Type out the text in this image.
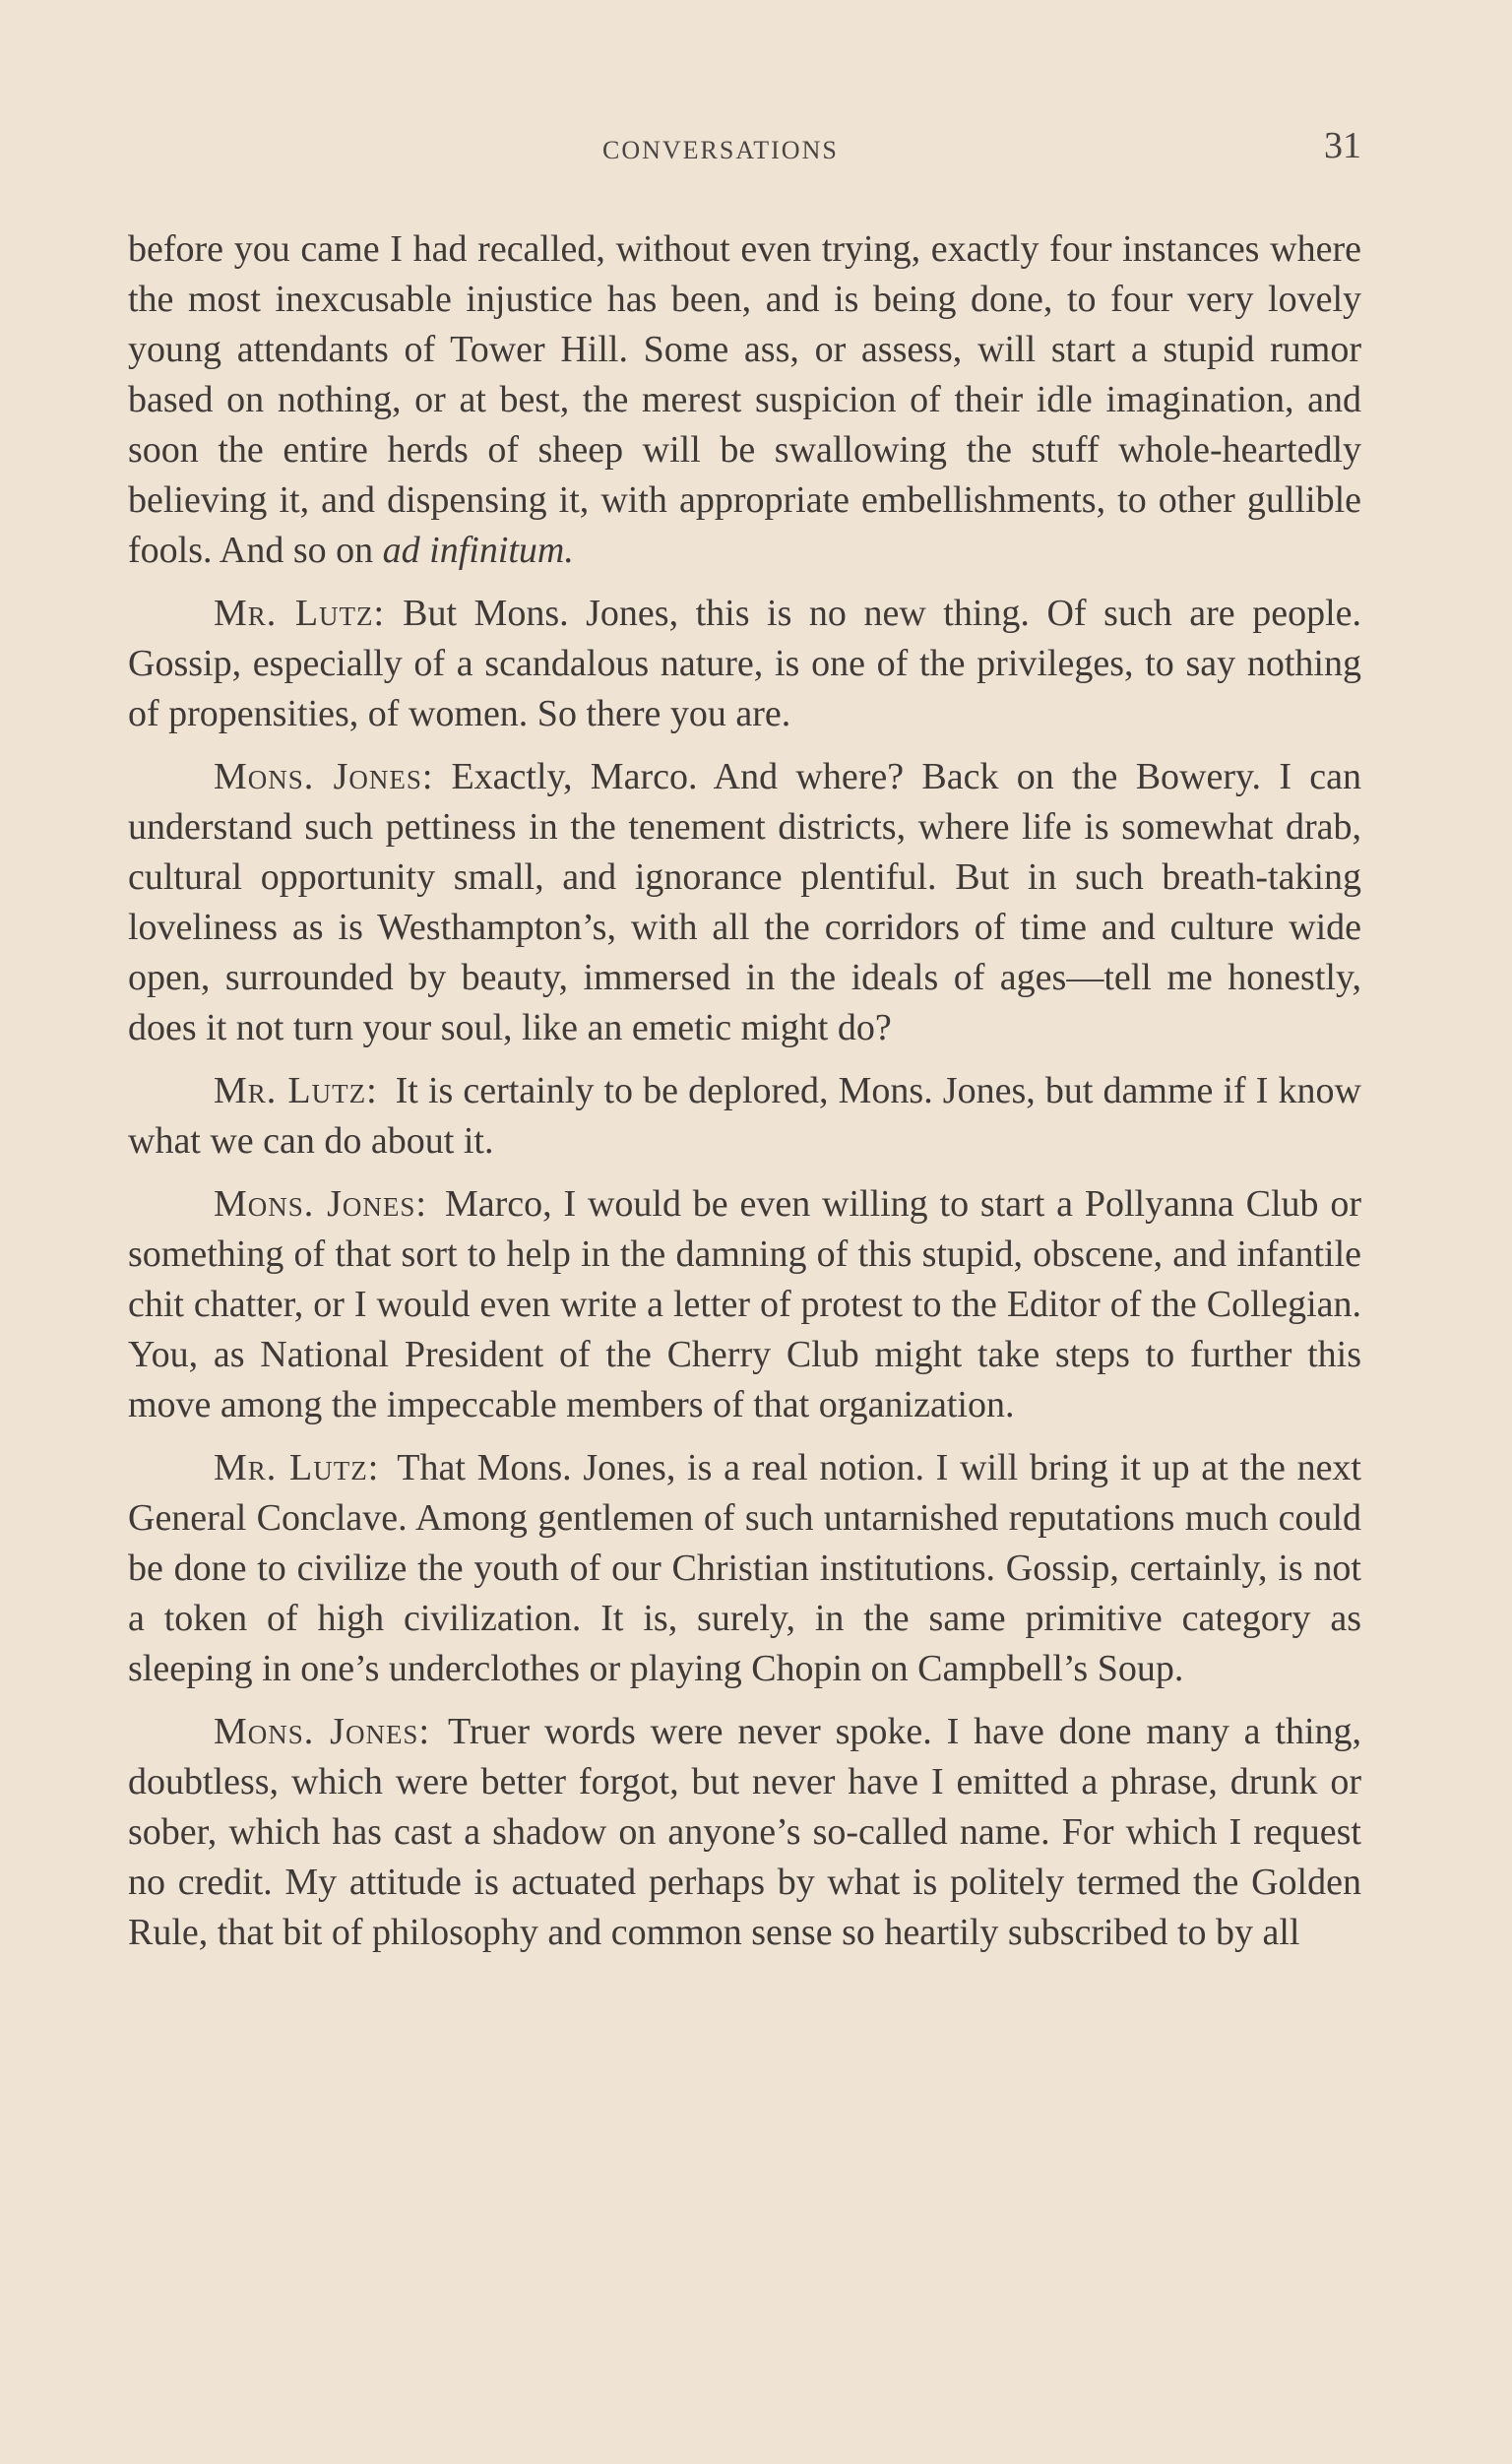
CONVERSATIONS	31

before you came I had recalled, without even trying, exactly four instances where the most inexcusable injustice has been, and is being done, to four very lovely young attendants of Tower Hill. Some ass, or assess, will start a stupid rumor based on nothing, or at best, the merest suspicion of their idle imagination, and soon the entire herds of sheep will be swallowing the stuff whole-heartedly believing it, and dispensing it, with appropriate embellishments, to other gullible fools. And so on ad infinitum.

Mr. Lutz: But Mons. Jones, this is no new thing. Of such are people. Gossip, especially of a scandalous nature, is one of the privileges, to say nothing of propensities, of women. So there you are.

Mons. Jones: Exactly, Marco. And where? Back on the Bowery. I can understand such pettiness in the tenement districts, where life is somewhat drab, cultural opportunity small, and ignorance plentiful. But in such breath-taking loveliness as is Westhampton’s, with all the corridors of time and culture wide open, surrounded by beauty, immersed in the ideals of ages—tell me honestly, does it not turn your soul, like an emetic might do?

Mr. Lutz: It is certainly to be deplored, Mons. Jones, but damme if I know what we can do about it.

Mons. Jones: Marco, I would be even willing to start a Pollyanna Club or something of that sort to help in the damning of this stupid, obscene, and infantile chit chatter, or I would even write a letter of protest to the Editor of the Collegian. You, as National President of the Cherry Club might take steps to further this move among the impeccable members of that organization.

Mr. Lutz: That Mons. Jones, is a real notion. I will bring it up at the next General Conclave. Among gentlemen of such untarnished reputations much could be done to civilize the youth of our Christian institutions. Gossip, certainly, is not a token of high civilization. It is, surely, in the same primitive category as sleeping in one’s underclothes or playing Chopin on Campbell’s Soup.

Mons. Jones: Truer words were never spoke. I have done many a thing, doubtless, which were better forgot, but never have I emitted a phrase, drunk or sober, which has cast a shadow on anyone’s so-called name. For which I request no credit. My attitude is actuated perhaps by what is politely termed the Golden Rule, that bit of philosophy and common sense so heartily subscribed to by all
